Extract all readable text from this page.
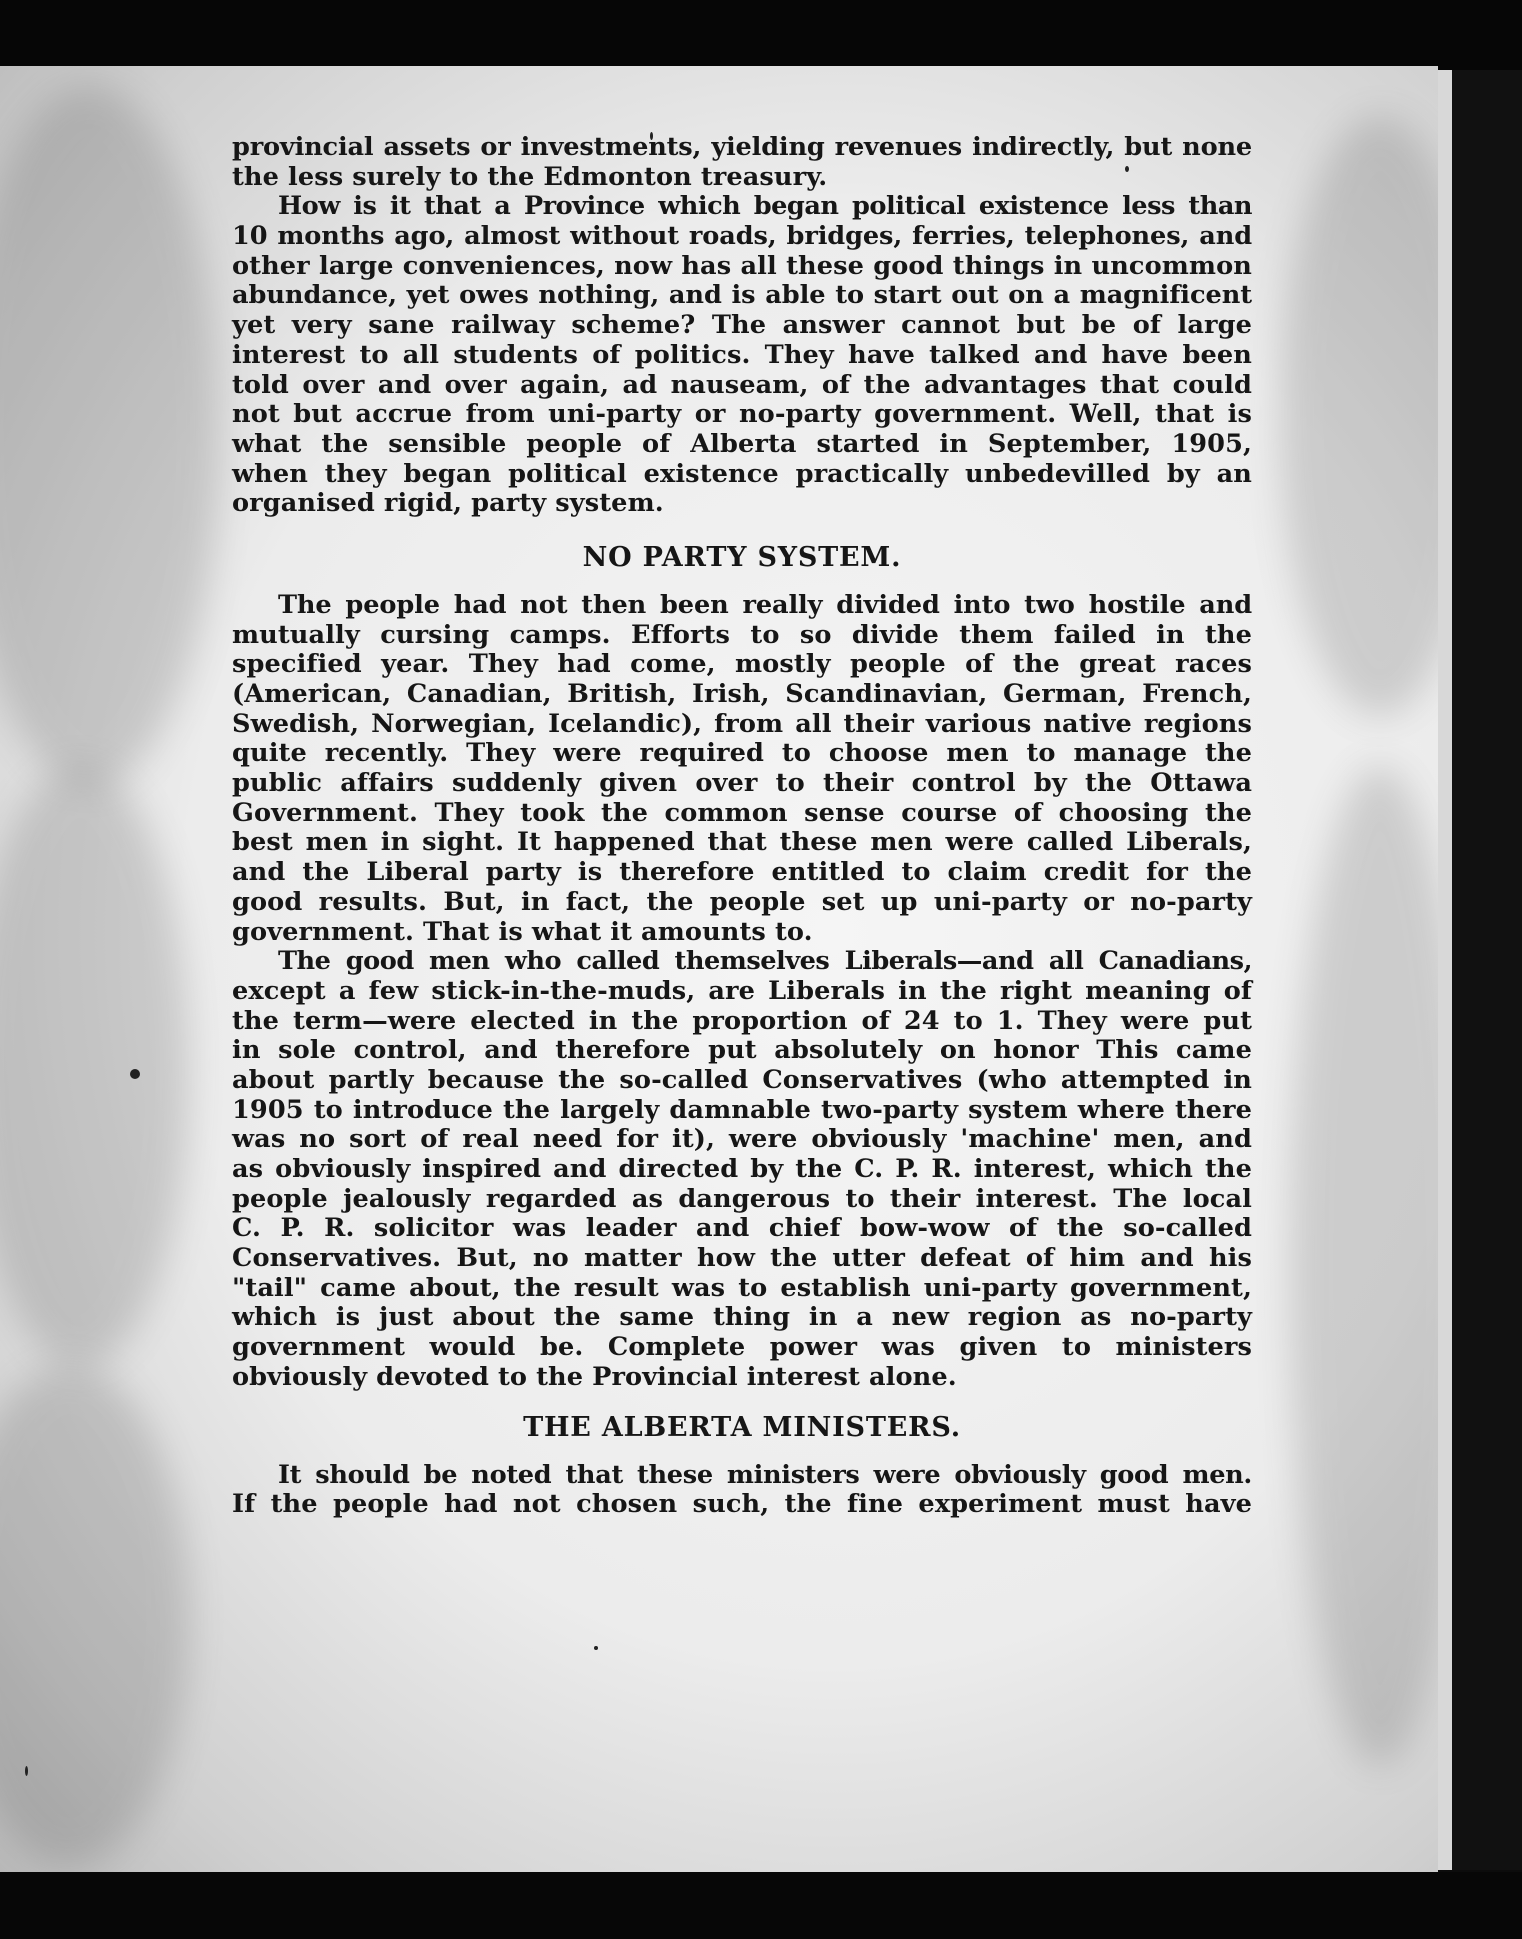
provincial assets or investments, yielding revenues indirectly, but none
the less surely to the Edmonton treasury.
How is it that a Province which began political existence less than
10 months ago, almost without roads, bridges, ferries, telephones, and
other large conveniences, now has all these good things in uncommon
abundance, yet owes nothing, and is able to start out on a magnificent
yet very sane railway scheme? The answer cannot but be of large
interest to all students of politics. They have talked and have been
told over and over again, ad nauseam, of the advantages that could
not but accrue from uni-party or no-party government. Well, that is
what the sensible people of Alberta started in September, 1905,
when they began political existence practically unbedevilled by an
organised rigid, party system.
NO PARTY SYSTEM.
The people had not then been really divided into two hostile and
mutually cursing camps. Efforts to so divide them failed in the
specified year. They had come, mostly people of the great races
(American, Canadian, British, Irish, Scandinavian, German, French,
Swedish, Norwegian, Icelandic), from all their various native regions
quite recently. They were required to choose men to manage the
public affairs suddenly given over to their control by the Ottawa
Government. They took the common sense course of choosing the
best men in sight. It happened that these men were called Liberals,
and the Liberal party is therefore entitled to claim credit for the
good results. But, in fact, the people set up uni-party or no-party
government. That is what it amounts to.
The good men who called themselves Liberals—and all Canadians,
except a few stick-in-the-muds, are Liberals in the right meaning of
the term—were elected in the proportion of 24 to 1. They were put
in sole control, and therefore put absolutely on honor This came
about partly because the so-called Conservatives (who attempted in
1905 to introduce the largely damnable two-party system where there
was no sort of real need for it), were obviously 'machine' men, and
as obviously inspired and directed by the C. P. R. interest, which the
people jealously regarded as dangerous to their interest. The local
C. P. R. solicitor was leader and chief bow-wow of the so-called
Conservatives. But, no matter how the utter defeat of him and his
"tail" came about, the result was to establish uni-party government,
which is just about the same thing in a new region as no-party
government would be. Complete power was given to ministers
obviously devoted to the Provincial interest alone.
THE ALBERTA MINISTERS.
It should be noted that these ministers were obviously good men.
If the people had not chosen such, the fine experiment must have
